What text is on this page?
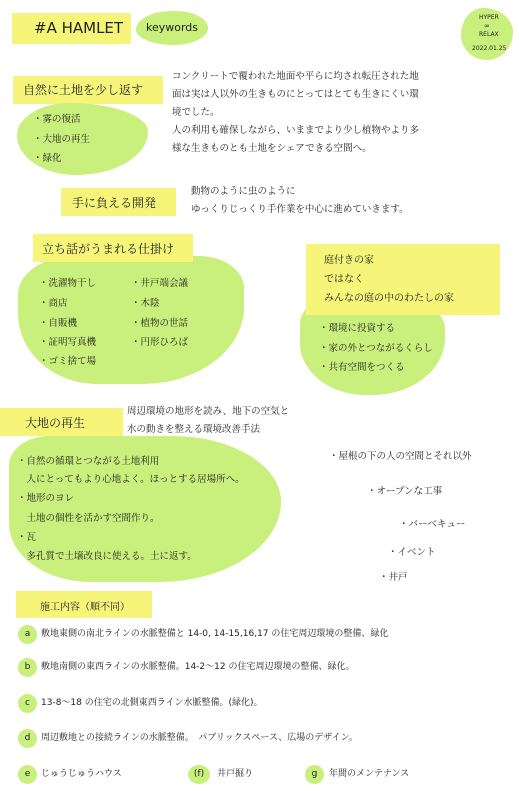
#A HAMLET keywords
HYPER
∞
RELAX
2022.01.25
自然に土地を少し返す
・雾の復活
・大地の再生
・緑化
コンクリートで覆われた地面や平らに均され転圧された地
面は実は人以外の生きものにとってはとても生きにくい環
境でした。
人の利用も確保しながら、いままでより少し植物やより多
様な生きものとも土地をシェアできる空間へ。
手に負える開発
動物のように虫のように
ゆっくりじっくり手作業を中心に進めていきます。
立ち話がうまれる仕掛け
・洗濯物干し
・商店
・自販機
・証明写真機
・ゴミ捨て場
・井戸端会議
・木陰
・植物の世話
・円形ひろば
庭付きの家
ではなく
みんなの庭の中のわたしの家
・環境に投資する
・家の外とつながるくらし
・共有空間をつくる
大地の再生
周辺環境の地形を読み、地下の空気と
水の動きを整える環境改善手法
・自然の循環とつながる土地利用
　人にとってもより心地よく。ほっとする居場所へ。
・地形のヨレ
　土地の個性を活かす空間作り。
・瓦
　多孔質で土壌改良に使える。土に返す。
・屋根の下の人の空間とそれ以外
・オープンな工事
・バーベキュー
・イベント
・井戸
施工内容（順不同）
a	敷地東側の南北ラインの水脈整備と 14-0, 14-15,16,17 の住宅周辺環境の整備、緑化
b	敷地南側の東西ラインの水脈整備。14-2〜12 の住宅周辺環境の整備、緑化。
c	13-8〜18 の住宅の北側東西ライン水脈整備。(緑化)。
d	周辺敷地との接続ラインの水脈整備。　パブリックスペース、広場のデザイン。
e	じゅうじゅうハウス	(f)	井戸掘り	g	年間のメンテナンス
